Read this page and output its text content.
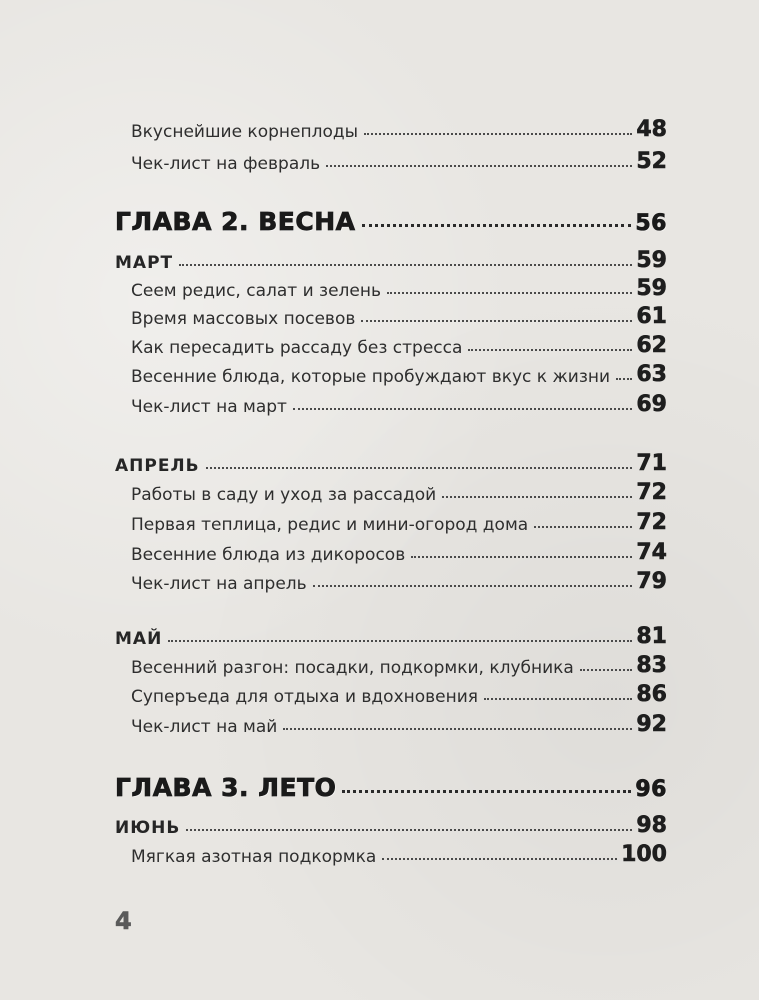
Вкуснейшие корнеплоды	48
Чек-лист на февраль	52
ГЛАВА 2. ВЕСНА	56
МАРТ	59
Сеем редис, салат и зелень	59
Время массовых посевов	61
Как пересадить рассаду без стресса	62
Весенние блюда, которые пробуждают вкус к жизни 63
Чек-лист на март	69
АПРЕЛЬ	71
Работы в саду и уход за рассадой	72
Первая теплица, редис и мини-огород дома	72
Весенние блюда из дикоросов	74
Чек-лист на апрель	79
МАЙ	81
Весенний разгон: посадки, подкормки, клубника	83
Суперъеда для отдыха и вдохновения	86
Чек-лист на май	92
ГЛАВА 3. ЛЕТО	96
ИЮНЬ	98
Мягкая азотная подкормка	100
4
